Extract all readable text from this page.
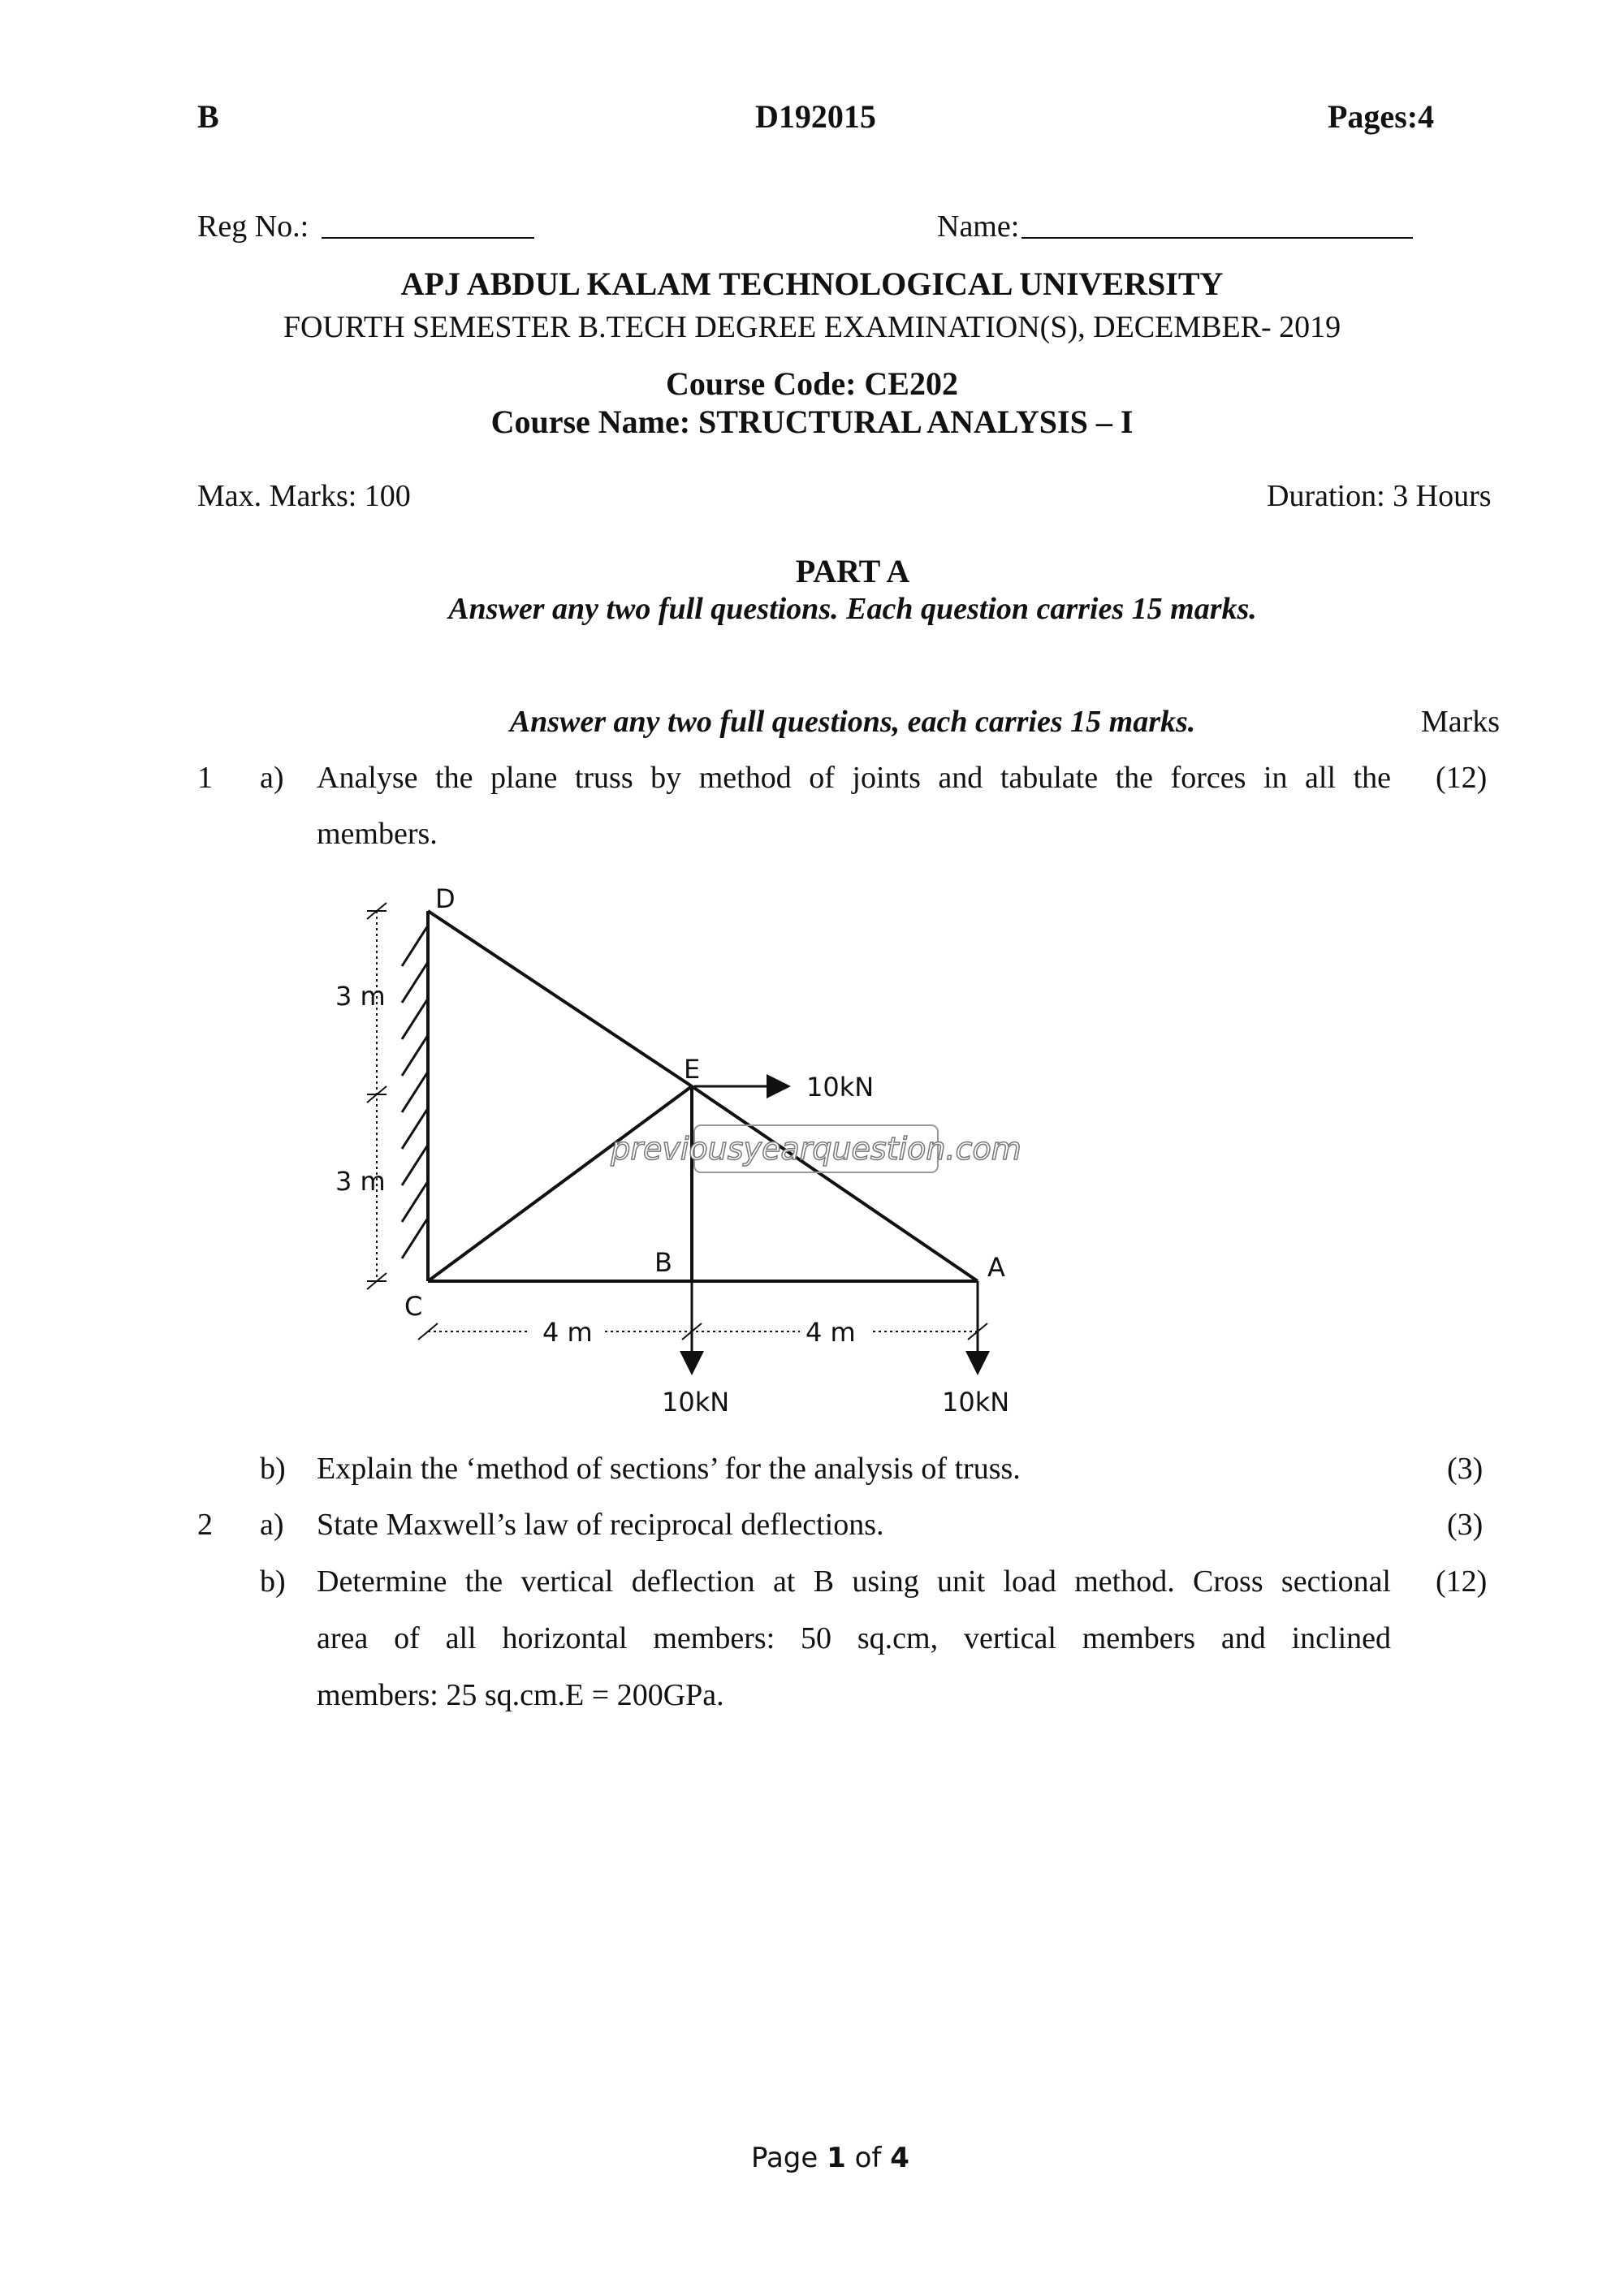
B	D192015	Pages:4
Reg No.:	Name:
APJ ABDUL KALAM TECHNOLOGICAL UNIVERSITY
FOURTH SEMESTER B.TECH DEGREE EXAMINATION(S), DECEMBER- 2019
Course Code: CE202
Course Name: STRUCTURAL ANALYSIS – I
Max. Marks: 100	Duration: 3 Hours
PART A
Answer any two full questions. Each question carries 15 marks.
Answer any two full questions, each carries 15 marks.	Marks
1 a) Analyse the plane truss by method of joints and tabulate the forces in all the
members.
(12)
previousyearquestion.com
D
E
B	A
C
3 m
3 m
4 m	4 m
10kN
10kN	10kN
b) Explain the ‘method of sections’ for the analysis of truss.	(3)
2 a) State Maxwell’s law of reciprocal deflections.	(3)
b) Determine the vertical deflection at B using unit load method. Cross sectional
area of all horizontal members: 50 sq.cm, vertical members and inclined
members: 25 sq.cm.E = 200GPa.
(12)
Page 1 of 4
